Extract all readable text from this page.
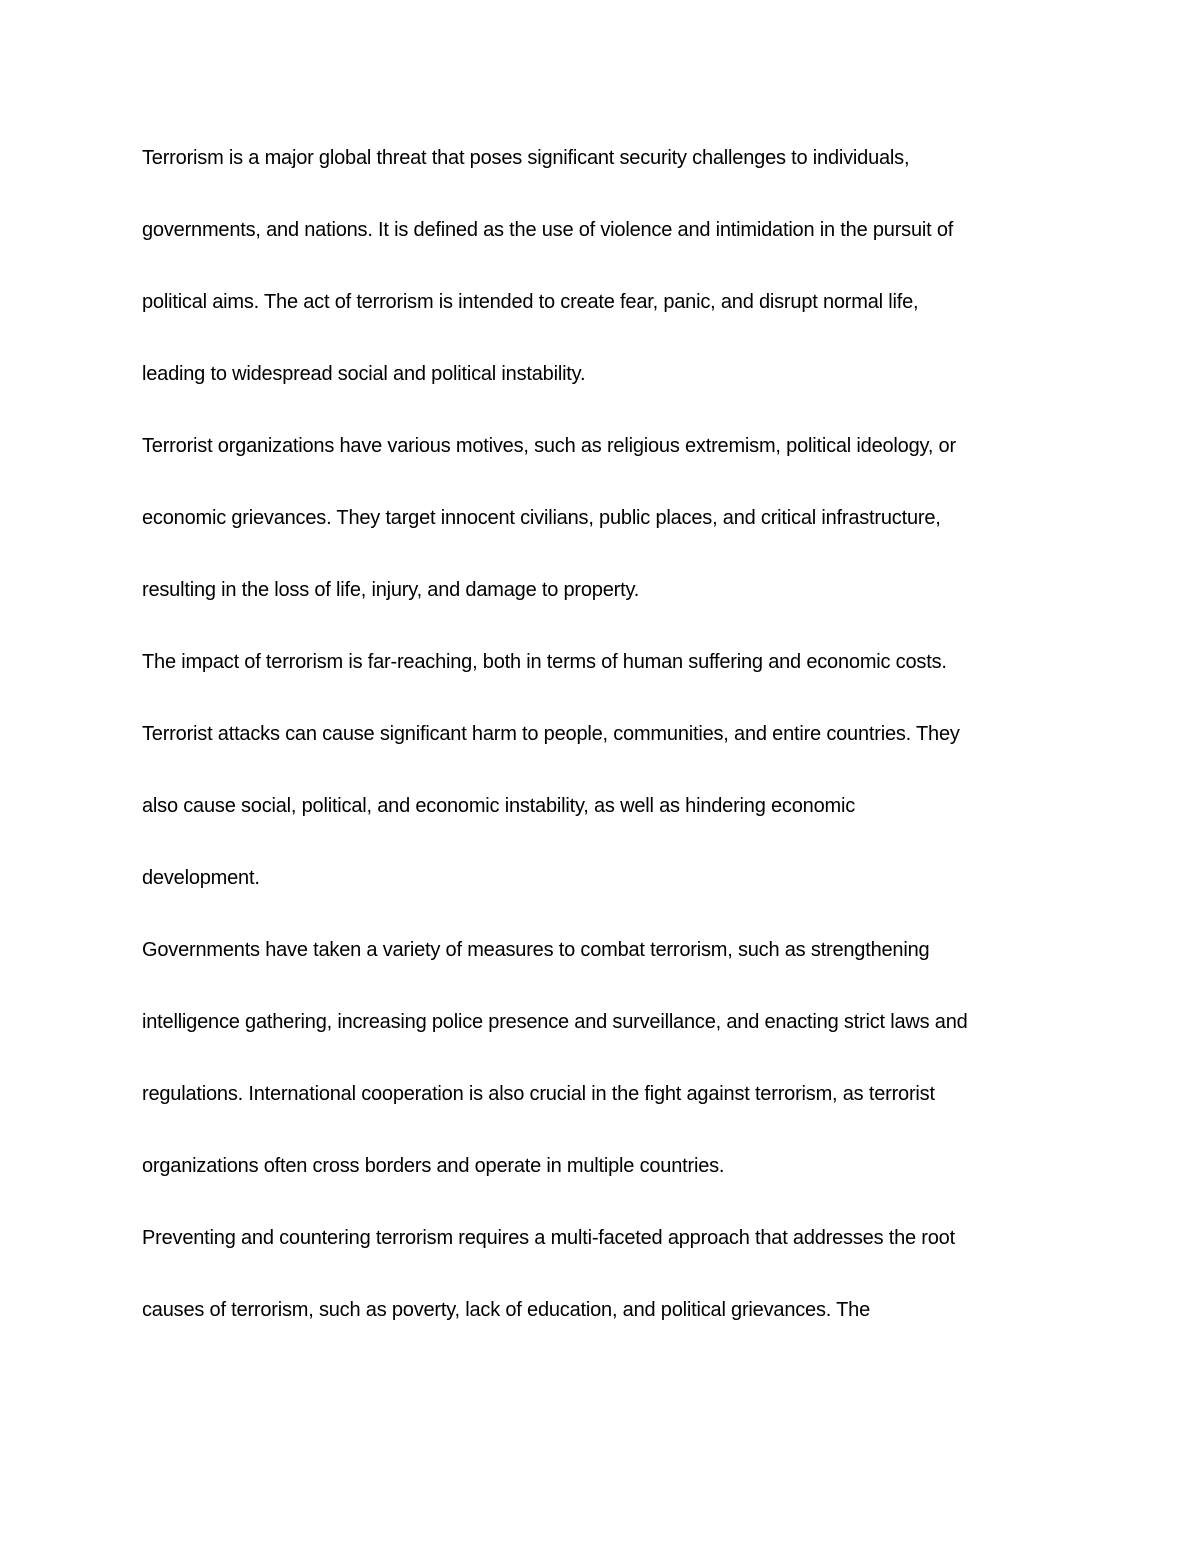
Terrorism is a major global threat that poses significant security challenges to individuals,
governments, and nations. It is defined as the use of violence and intimidation in the pursuit of
political aims. The act of terrorism is intended to create fear, panic, and disrupt normal life,
leading to widespread social and political instability.
Terrorist organizations have various motives, such as religious extremism, political ideology, or
economic grievances. They target innocent civilians, public places, and critical infrastructure,
resulting in the loss of life, injury, and damage to property.
The impact of terrorism is far-reaching, both in terms of human suffering and economic costs.
Terrorist attacks can cause significant harm to people, communities, and entire countries. They
also cause social, political, and economic instability, as well as hindering economic
development.
Governments have taken a variety of measures to combat terrorism, such as strengthening
intelligence gathering, increasing police presence and surveillance, and enacting strict laws and
regulations. International cooperation is also crucial in the fight against terrorism, as terrorist
organizations often cross borders and operate in multiple countries.
Preventing and countering terrorism requires a multi-faceted approach that addresses the root
causes of terrorism, such as poverty, lack of education, and political grievances. The
